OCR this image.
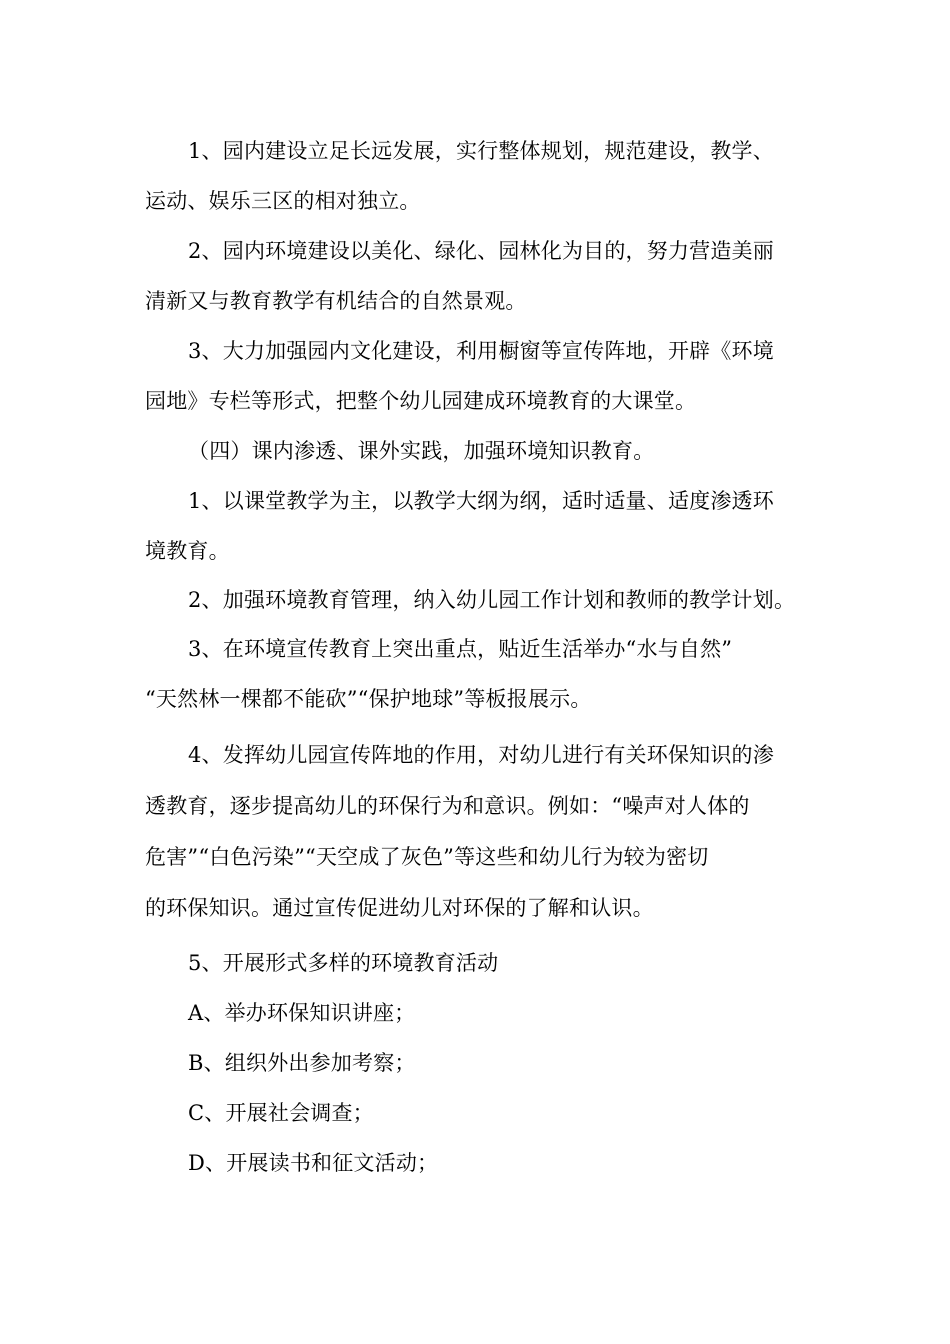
1、园内建设立足长远发展，实行整体规划，规范建设，教学、
运动、娱乐三区的相对独立。
2、园内环境建设以美化、绿化、园林化为目的，努力营造美丽
清新又与教育教学有机结合的自然景观。
3、大力加强园内文化建设，利用橱窗等宣传阵地，开辟《环境
园地》专栏等形式，把整个幼儿园建成环境教育的大课堂。
（四）课内渗透、课外实践，加强环境知识教育。
1、以课堂教学为主，以教学大纲为纲，适时适量、适度渗透环
境教育。
2、加强环境教育管理，纳入幼儿园工作计划和教师的教学计划。
3、在环境宣传教育上突出重点，贴近生活举办“水与自然”
“天然林一棵都不能砍”“保护地球”等板报展示。
4、发挥幼儿园宣传阵地的作用，对幼儿进行有关环保知识的渗
透教育，逐步提高幼儿的环保行为和意识。例如：“噪声对人体的
危害”“白色污染”“天空成了灰色”等这些和幼儿行为较为密切
的环保知识。通过宣传促进幼儿对环保的了解和认识。
5、开展形式多样的环境教育活动
A、举办环保知识讲座；
B、组织外出参加考察；
C、开展社会调查；
D、开展读书和征文活动；
